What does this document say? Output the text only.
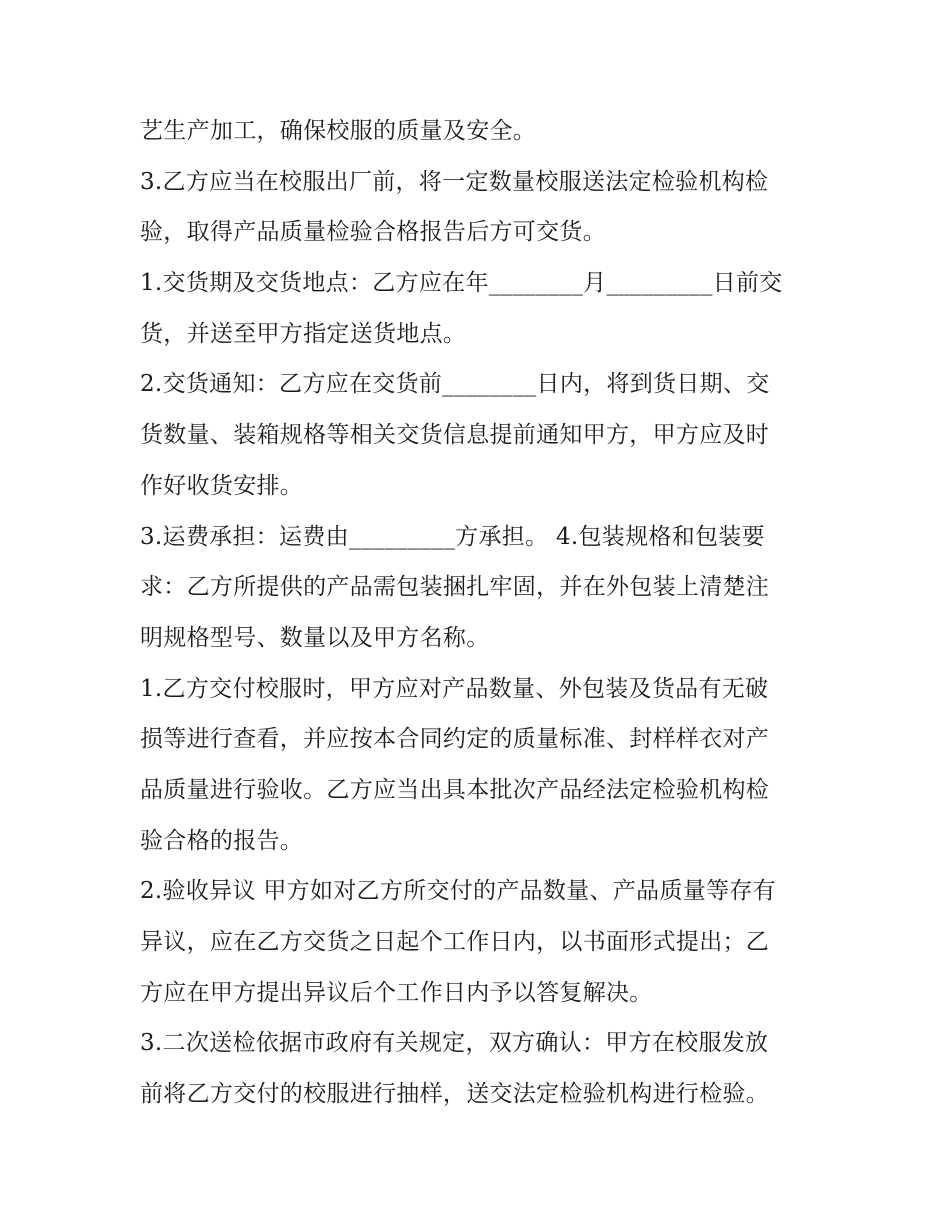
艺生产加工，确保校服的质量及安全。
3.乙方应当在校服出厂前，将一定数量校服送法定检验机构检
验，取得产品质量检验合格报告后方可交货。
1.交货期及交货地点：乙方应在年________月_________日前交
货，并送至甲方指定送货地点。
2.交货通知：乙方应在交货前________日内，将到货日期、交
货数量、装箱规格等相关交货信息提前通知甲方，甲方应及时
作好收货安排。
3.运费承担：运费由_________方承担。 4.包装规格和包装要
求：乙方所提供的产品需包装捆扎牢固，并在外包装上清楚注
明规格型号、数量以及甲方名称。
1.乙方交付校服时，甲方应对产品数量、外包装及货品有无破
损等进行查看，并应按本合同约定的质量标准、封样样衣对产
品质量进行验收。乙方应当出具本批次产品经法定检验机构检
验合格的报告。
2.验收异议 甲方如对乙方所交付的产品数量、产品质量等存有
异议，应在乙方交货之日起个工作日内，以书面形式提出；乙
方应在甲方提出异议后个工作日内予以答复解决。
3.二次送检依据市政府有关规定，双方确认：甲方在校服发放
前将乙方交付的校服进行抽样，送交法定检验机构进行检验。
